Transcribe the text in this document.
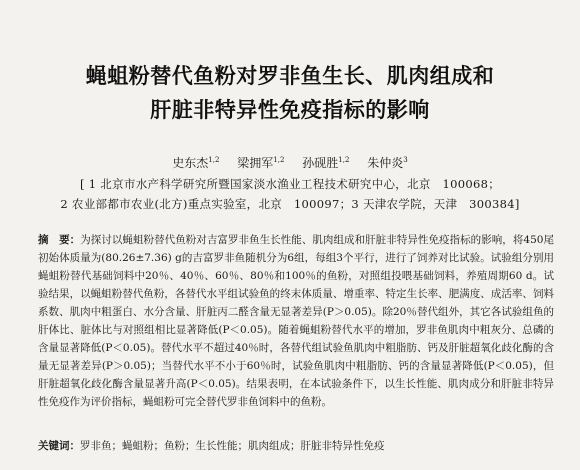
蝇蛆粉替代鱼粉对罗非鱼生长、肌肉组成和
肝脏非特异性免疫指标的影响
史东杰$^{1,2}$ 梁拥军$^{1,2}$ 孙砚胜$^{1,2}$ 朱仲炎$^3$
[ 1 北京市水产科学研究所暨国家淡水渔业工程技术研究中心，北京　100068；
2 农业部都市农业(北方)重点实验室，北京　100097；3 天津农学院，天津　300384]
摘　要：为探讨以蝇蛆粉替代鱼粉对吉富罗非鱼生长性能、肌肉组成和肝脏非特异性免疫指标的影响，将450尾初始体质量为(80.26±7.36) g的吉富罗非鱼随机分为6组，每组3个平行，进行了饲养对比试验。试验组分别用蝇蛆粉替代基础饲料中20％、40％、60％、80％和100％的鱼粉，对照组投喂基础饲料，养殖周期60 d。试验结果，以蝇蛆粉替代鱼粉，各替代水平组试验鱼的终末体质量、增重率、特定生长率、肥满度、成活率、饲料系数、肌肉中粗蛋白、水分含量、肝脏丙二醛含量无显著差异(P＞0.05)。除20％替代组外，其它各试验组鱼的肝体比、脏体比与对照组相比显著降低(P＜0.05)。随着蝇蛆粉替代水平的增加，罗非鱼肌肉中粗灰分、总磷的含量显著降低(P＜0.05)。替代水平不超过40％时，各替代组试验鱼肌肉中粗脂肪、钙及肝脏超氧化歧化酶的含量无显著差异(P＞0.05)；当替代水平不小于60％时，试验鱼肌肉中粗脂肪、钙的含量显著降低(P＜0.05)，但肝脏超氧化歧化酶含量显著升高(P＜0.05)。结果表明，在本试验条件下，以生长性能、肌肉成分和肝脏非特异性免疫作为评价指标，蝇蛆粉可完全替代罗非鱼饲料中的鱼粉。
关键词：罗非鱼；蝇蛆粉；鱼粉；生长性能；肌肉组成；肝脏非特异性免疫
